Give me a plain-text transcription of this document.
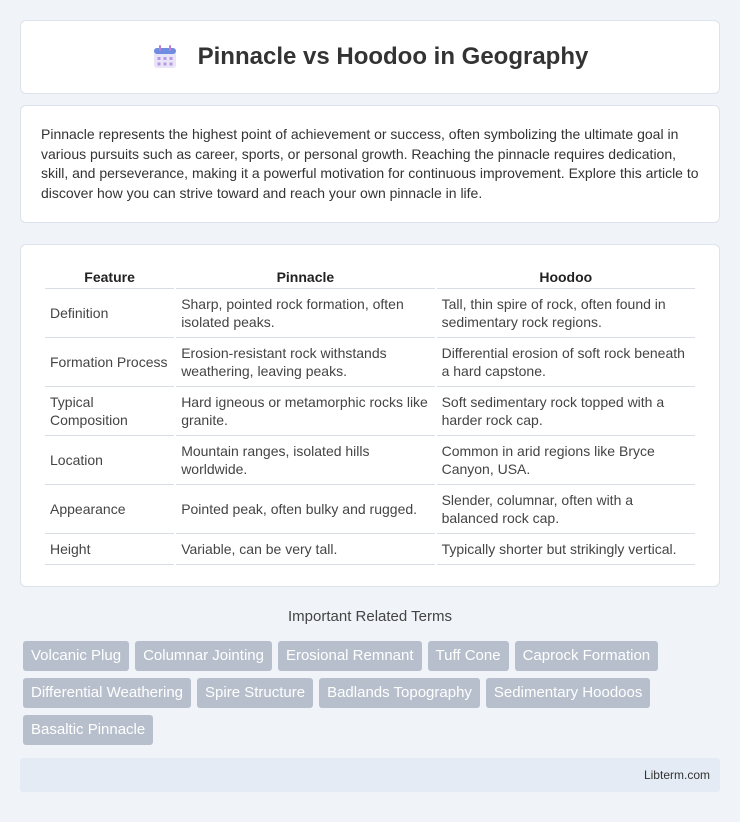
Pinnacle vs Hoodoo in Geography

Pinnacle represents the highest point of achievement or success, often symbolizing the ultimate goal in various pursuits such as career, sports, or personal growth. Reaching the pinnacle requires dedication, skill, and perseverance, making it a powerful motivation for continuous improvement. Explore this article to discover how you can strive toward and reach your own pinnacle in life.

Feature	Pinnacle	Hoodoo
Definition	Sharp, pointed rock formation, often isolated peaks.	Tall, thin spire of rock, often found in sedimentary rock regions.
Formation Process	Erosion-resistant rock withstands weathering, leaving peaks.	Differential erosion of soft rock beneath a hard capstone.
Typical Composition	Hard igneous or metamorphic rocks like granite.	Soft sedimentary rock topped with a harder rock cap.
Location	Mountain ranges, isolated hills worldwide.	Common in arid regions like Bryce Canyon, USA.
Appearance	Pointed peak, often bulky and rugged.	Slender, columnar, often with a balanced rock cap.
Height	Variable, can be very tall.	Typically shorter but strikingly vertical.
Important Related Terms
Volcanic Plug	Columnar Jointing	Erosional Remnant	Tuff Cone	Caprock Formation
Differential Weathering	Spire Structure	Badlands Topography	Sedimentary Hoodoos
Basaltic Pinnacle
Libterm.com
